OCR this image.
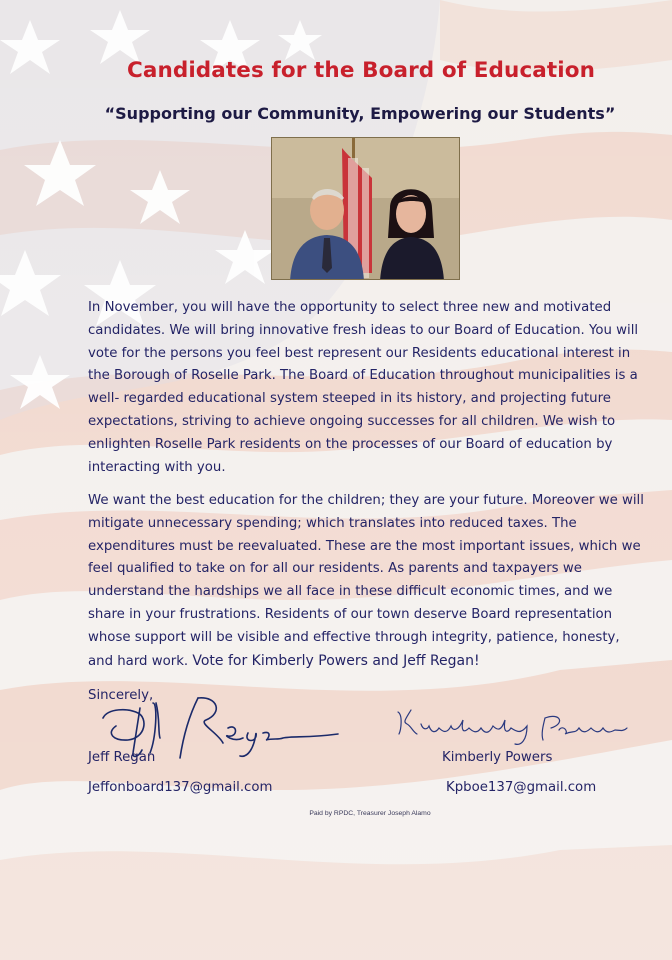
Candidates for the Board of Education
“Supporting our Community, Empowering our Students”
In November, you will have the opportunity to select three new and motivated candidates. We will bring innovative fresh ideas to our Board of Education. You will vote for the persons you feel best represent our Residents educational interest in the Borough of Roselle Park. The Board of Education throughout municipalities is a well- regarded educational system steeped in its history, and projecting future expectations, striving to achieve ongoing successes for all children. We wish to enlighten Roselle Park residents on the processes of our Board of education by interacting with you.
We want the best education for the children; they are your future. Moreover we will mitigate unnecessary spending; which translates into reduced taxes. The expenditures must be reevaluated. These are the most important issues, which we feel qualified to take on for all our residents. As parents and taxpayers we understand the hardships we all face in these difficult economic times, and we share in your frustrations. Residents of our town deserve Board representation whose support will be visible and effective through integrity, patience, honesty, and hard work. Vote for Kimberly Powers and Jeff Regan!
Sincerely,
Jeff Regan	Kimberly Powers
Jeffonboard137@gmail.com	Kpboe137@gmail.com
Paid by RPDC, Treasurer Joseph Alamo
